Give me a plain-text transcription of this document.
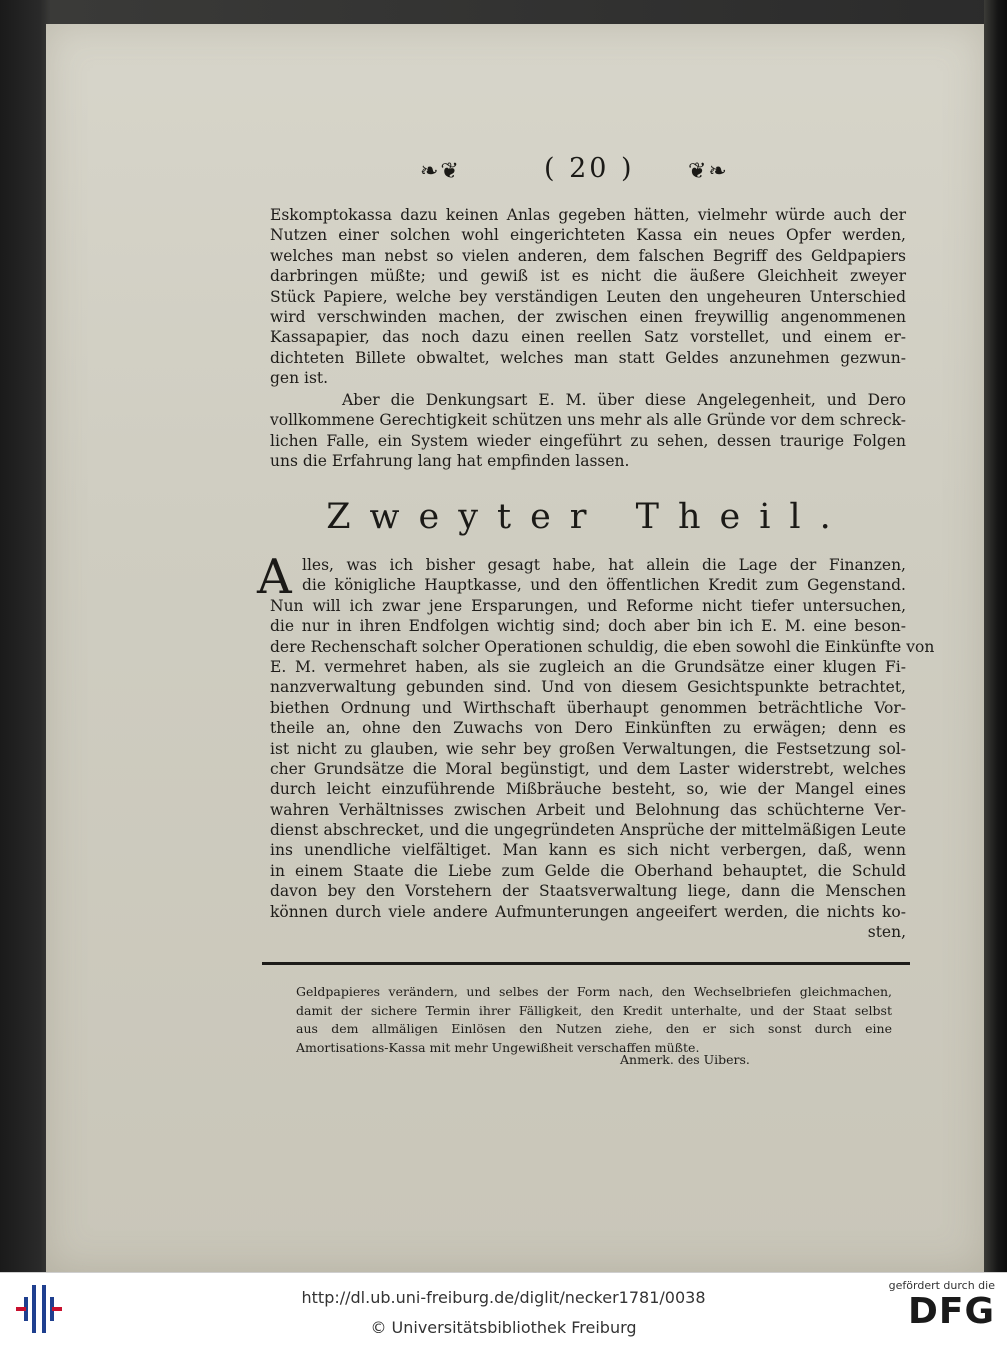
❧❦	( 20 ) ❦❧
Eskomptokassa dazu keinen Anlas gegeben hätten, vielmehr würde auch der
Nutzen einer solchen wohl eingerichteten Kassa ein neues Opfer werden,
welches man nebst so vielen anderen, dem falschen Begriff des Geldpapiers
darbringen müßte; und gewiß ist es nicht die äußere Gleichheit zweyer
Stück Papiere, welche bey verständigen Leuten den ungeheuren Unterschied
wird verschwinden machen, der zwischen einen freywillig angenommenen
Kassapapier, das noch dazu einen reellen Satz vorstellet, und einem er-
dichteten Billete obwaltet, welches man statt Geldes anzunehmen gezwun-
gen ist.
Aber die Denkungsart E. M. über diese Angelegenheit, und Dero
vollkommene Gerechtigkeit schützen uns mehr als alle Gründe vor dem schreck-
lichen Falle, ein System wieder eingeführt zu sehen, dessen traurige Folgen
uns die Erfahrung lang hat empfinden lassen.
Zweyter Theil.
A lles, was ich bisher gesagt habe, hat allein die Lage der Finanzen,
die königliche Hauptkasse, und den öffentlichen Kredit zum Gegenstand.
Nun will ich zwar jene Ersparungen, und Reforme nicht tiefer untersuchen,
die nur in ihren Endfolgen wichtig sind; doch aber bin ich E. M. eine beson-
dere Rechenschaft solcher Operationen schuldig, die eben sowohl die Einkünfte von
E. M. vermehret haben, als sie zugleich an die Grundsätze einer klugen Fi-
nanzverwaltung gebunden sind. Und von diesem Gesichtspunkte betrachtet,
biethen Ordnung und Wirthschaft überhaupt genommen beträchtliche Vor-
theile an, ohne den Zuwachs von Dero Einkünften zu erwägen; denn es
ist nicht zu glauben, wie sehr bey großen Verwaltungen, die Festsetzung sol-
cher Grundsätze die Moral begünstigt, und dem Laster widerstrebt, welches
durch leicht einzuführende Mißbräuche besteht, so, wie der Mangel eines
wahren Verhältnisses zwischen Arbeit und Belohnung das schüchterne Ver-
dienst abschrecket, und die ungegründeten Ansprüche der mittelmäßigen Leute
ins unendliche vielfältiget. Man kann es sich nicht verbergen, daß, wenn
in einem Staate die Liebe zum Gelde die Oberhand behauptet, die Schuld
davon bey den Vorstehern der Staatsverwaltung liege, dann die Menschen
können durch viele andere Aufmunterungen angeeifert werden, die nichts ko-
sten,
Geldpapieres verändern, und selbes der Form nach, den Wechselbriefen gleichmachen,
damit der sichere Termin ihrer Fälligkeit, den Kredit unterhalte, und der Staat selbst
aus dem allmäligen Einlösen den Nutzen ziehe, den er sich sonst durch eine
Amortisations-Kassa mit mehr Ungewißheit verschaffen müßte.
Anmerk. des Uibers.
http://dl.ub.uni-freiburg.de/diglit/necker1781/0038
© Universitätsbibliothek Freiburg
gefördert durch die
DFG
